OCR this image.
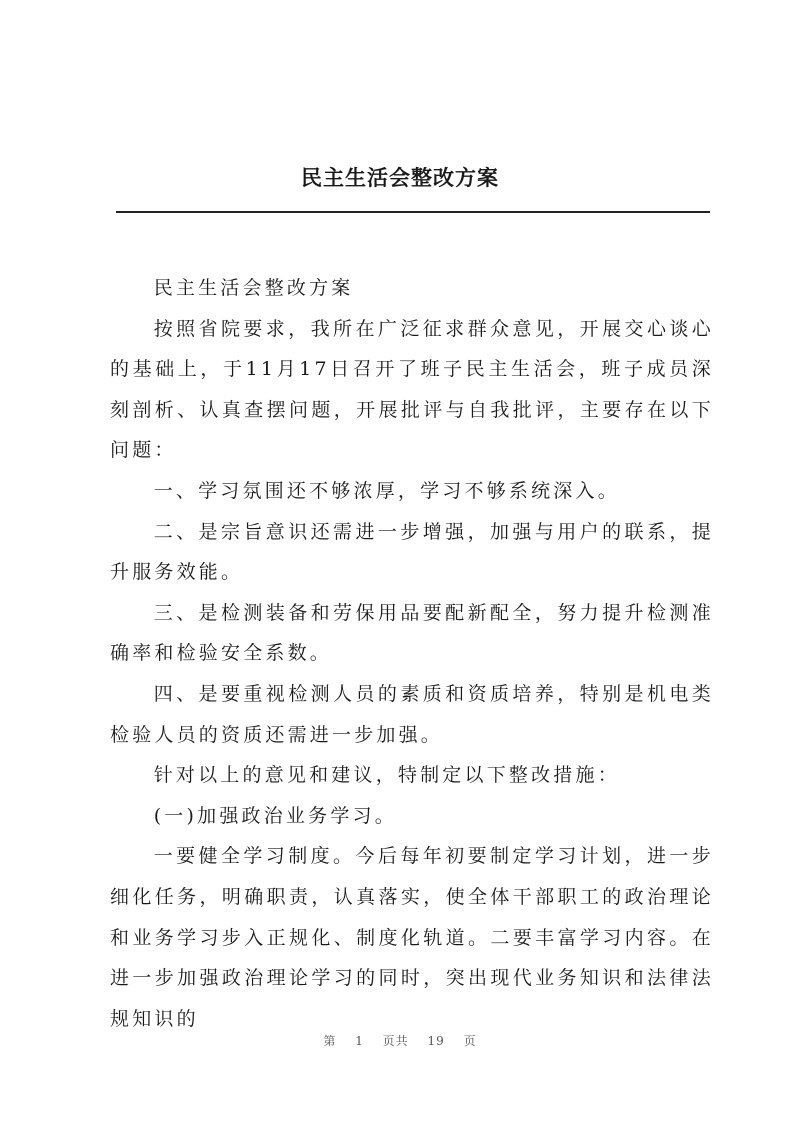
民主生活会整改方案

民主生活会整改方案

按照省院要求，我所在广泛征求群众意见，开展交心谈心的基础上，于11月17日召开了班子民主生活会，班子成员深刻剖析、认真查摆问题，开展批评与自我批评，主要存在以下问题：

一、学习氛围还不够浓厚，学习不够系统深入。

二、是宗旨意识还需进一步增强，加强与用户的联系，提升服务效能。

三、是检测装备和劳保用品要配新配全，努力提升检测准确率和检验安全系数。

四、是要重视检测人员的素质和资质培养，特别是机电类检验人员的资质还需进一步加强。

针对以上的意见和建议，特制定以下整改措施：

(一)加强政治业务学习。

一要健全学习制度。今后每年初要制定学习计划，进一步细化任务，明确职责，认真落实，使全体干部职工的政治理论和业务学习步入正规化、制度化轨道。二要丰富学习内容。在进一步加强政治理论学习的同时，突出现代业务知识和法律法规知识的

第 1 页共 19 页
